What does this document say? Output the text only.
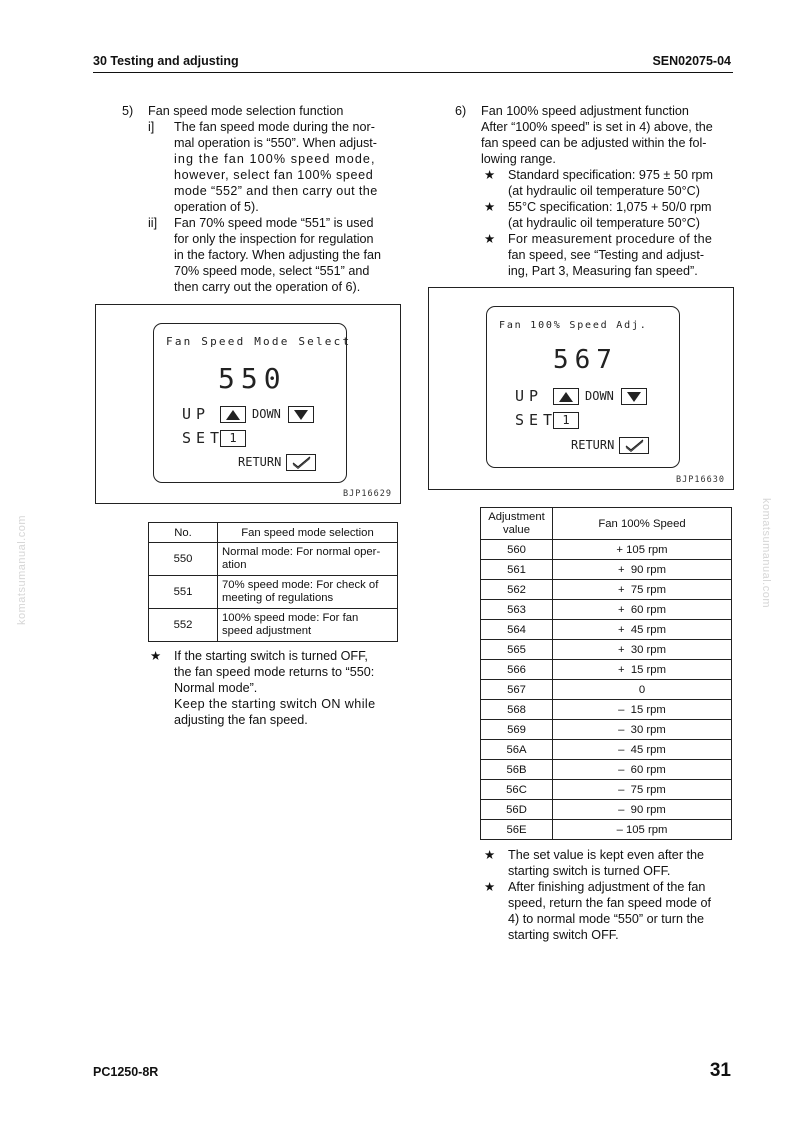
30 Testing and adjusting	SEN02075-04
komatsumanual.com	komatsumanual.com
5) Fan speed mode selection function
i] The fan speed mode during the nor-
mal operation is “550”. When adjust-
ing the fan 100% speed mode,
however, select fan 100% speed
mode “552” and then carry out the
operation of 5).
ii] Fan 70% speed mode “551” is used
for only the inspection for regulation
in the factory. When adjusting the fan
70% speed mode, select “551” and
then carry out the operation of 6).
6) Fan 100% speed adjustment function
After “100% speed” is set in 4) above, the
fan speed can be adjusted within the fol-
lowing range.
★ Standard specification: 975 ± 50 rpm
(at hydraulic oil temperature 50°C)
★ 55°C specification: 1,075 + 50/0 rpm
(at hydraulic oil temperature 50°C)
★ For measurement procedure of the
fan speed, see “Testing and adjust-
ing, Part 3, Measuring fan speed”.
Fan Speed Mode Select
550
UP	DOWN
SET 1
RETURN
BJP16629
Fan 100% Speed Adj.
567
UP	DOWN
SET 1
RETURN
BJP16630
No.	Fan speed mode selection
550	Normal mode: For normal oper-
ation

551	70% speed mode: For check of
meeting of regulations

552	100% speed mode: For fan
speed adjustment
★ If the starting switch is turned OFF,
the fan speed mode returns to “550:
Normal mode”.
Keep the starting switch ON while
adjusting the fan speed.
Adjustment
value	Fan 100% Speed
560	+ 105 rpm
561	+  90 rpm
562	+  75 rpm
563	+  60 rpm
564	+  45 rpm
565	+  30 rpm
566	+  15 rpm
567	0
568	–  15 rpm
569	–  30 rpm
56A	–  45 rpm
56B	–  60 rpm
56C	–  75 rpm
56D	–  90 rpm
56E	– 105 rpm
★ The set value is kept even after the
starting switch is turned OFF.
★ After finishing adjustment of the fan
speed, return the fan speed mode of
4) to normal mode “550” or turn the
starting switch OFF.
PC1250-8R	31
